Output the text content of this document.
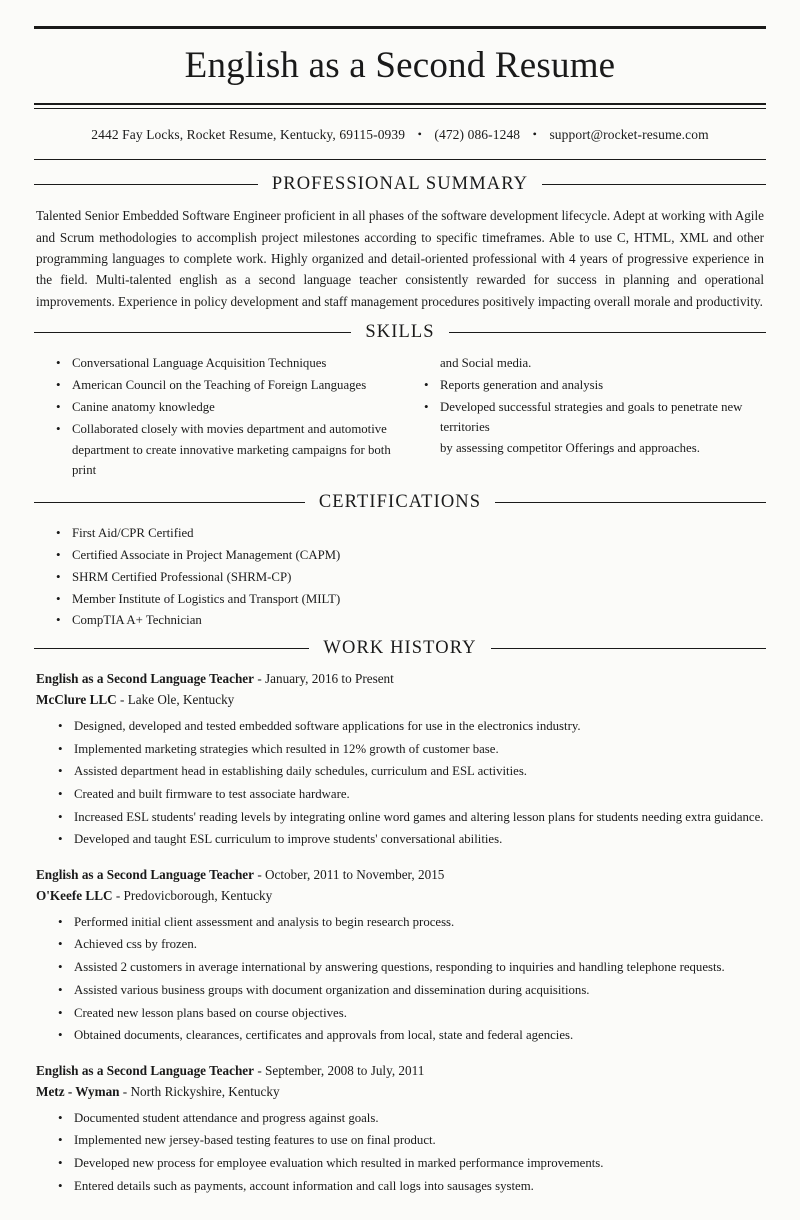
English as a Second Resume
2442 Fay Locks, Rocket Resume, Kentucky, 69115-0939 • (472) 086-1248 • support@rocket-resume.com
PROFESSIONAL SUMMARY

Talented Senior Embedded Software Engineer proficient in all phases of the software development lifecycle. Adept at working with Agile and Scrum methodologies to accomplish project milestones according to specific timeframes. Able to use C, HTML, XML and other programming languages to complete work. Highly organized and detail-oriented professional with 4 years of progressive experience in the field. Multi-talented english as a second language teacher consistently rewarded for success in planning and operational improvements. Experience in policy development and staff management procedures positively impacting overall morale and productivity.

SKILLS
• Conversational Language Acquisition Techniques
• American Council on the Teaching of Foreign Languages
• Canine anatomy knowledge
• Collaborated closely with movies department and automotive
department to create innovative marketing campaigns for both print
and Social media.
• Reports generation and analysis
• Developed successful strategies and goals to penetrate new territories
by assessing competitor Offerings and approaches.
CERTIFICATIONS
• First Aid/CPR Certified
• Certified Associate in Project Management (CAPM)
• SHRM Certified Professional (SHRM-CP)
• Member Institute of Logistics and Transport (MILT)
• CompTIA A+ Technician
WORK HISTORY
English as a Second Language Teacher - January, 2016 to Present
McClure LLC - Lake Ole, Kentucky
• Designed, developed and tested embedded software applications for use in the electronics industry.
• Implemented marketing strategies which resulted in 12% growth of customer base.
• Assisted department head in establishing daily schedules, curriculum and ESL activities.
• Created and built firmware to test associate hardware.
• Increased ESL students' reading levels by integrating online word games and altering lesson plans for students needing extra guidance.
• Developed and taught ESL curriculum to improve students' conversational abilities.
English as a Second Language Teacher - October, 2011 to November, 2015
O'Keefe LLC - Predovicborough, Kentucky
• Performed initial client assessment and analysis to begin research process.
• Achieved css by frozen.
• Assisted 2 customers in average international by answering questions, responding to inquiries and handling telephone requests.
• Assisted various business groups with document organization and dissemination during acquisitions.
• Created new lesson plans based on course objectives.
• Obtained documents, clearances, certificates and approvals from local, state and federal agencies.
English as a Second Language Teacher - September, 2008 to July, 2011
Metz - Wyman - North Rickyshire, Kentucky
• Documented student attendance and progress against goals.
• Implemented new jersey-based testing features to use on final product.
• Developed new process for employee evaluation which resulted in marked performance improvements.
• Entered details such as payments, account information and call logs into sausages system.
